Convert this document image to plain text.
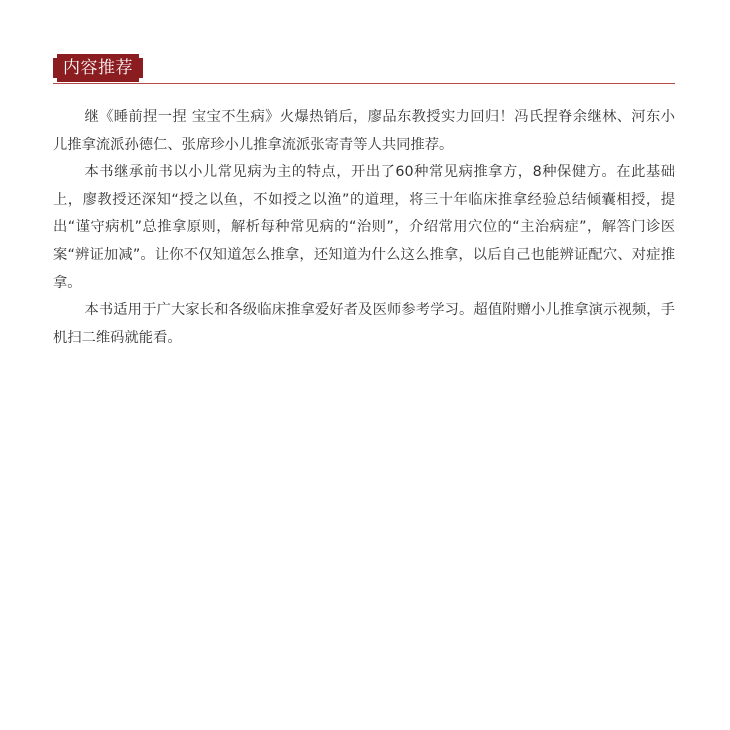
内容推荐

继《睡前捏一捏 宝宝不生病》火爆热销后，廖品东教授实力回归！冯氏捏脊余继林、河东小儿推拿流派孙德仁、张席珍小儿推拿流派张寄青等人共同推荐。

本书继承前书以小儿常见病为主的特点，开出了60种常见病推拿方，8种保健方。在此基础上，廖教授还深知“授之以鱼，不如授之以渔”的道理，将三十年临床推拿经验总结倾囊相授，提出“谨守病机”总推拿原则，解析每种常见病的“治则”，介绍常用穴位的“主治病症”，解答门诊医案“辨证加减”。让你不仅知道怎么推拿，还知道为什么这么推拿，以后自己也能辨证配穴、对症推拿。

本书适用于广大家长和各级临床推拿爱好者及医师参考学习。超值附赠小儿推拿演示视频，手机扫二维码就能看。
